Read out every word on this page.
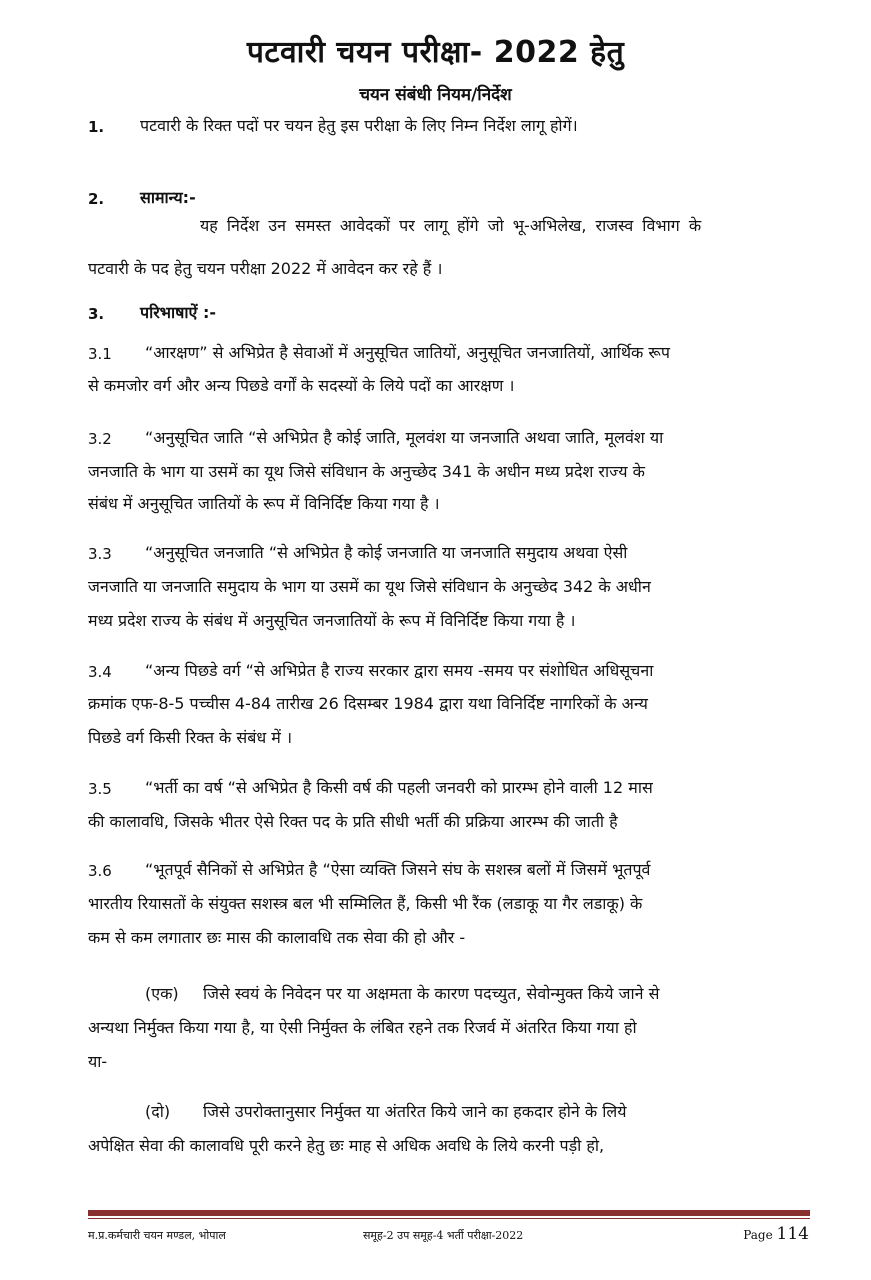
पटवारी चयन परीक्षा- 2022 हेतु
चयन संबंधी नियम/निर्देश
1. पटवारी के रिक्त पदों पर चयन हेतु इस परीक्षा के लिए निम्न निर्देश लागू होगें।
2. सामान्य:-
यह निर्देश उन समस्त आवेदकों पर लागू होंगे जो भू-अभिलेख, राजस्व विभाग के
पटवारी के पद हेतु चयन परीक्षा 2022 में आवेदन कर रहे हैं ।
3. परिभाषाऐं :-
3.1 “आरक्षण” से अभिप्रेत है सेवाओं में अनुसूचित जातियों, अनुसूचित जनजातियों, आर्थिक रूप
से कमजोर वर्ग और अन्य पिछडे वर्गों के सदस्यों के लिये पदों का आरक्षण ।
3.2 “अनुसूचित जाति “से अभिप्रेत है कोई जाति, मूलवंश या जनजाति अथवा जाति, मूलवंश या
जनजाति के भाग या उसमें का यूथ जिसे संविधान के अनुच्छेद 341 के अधीन मध्य प्रदेश राज्य के
संबंध में अनुसूचित जातियों के रूप में विनिर्दिष्ट किया गया है ।
3.3 “अनुसूचित जनजाति “से अभिप्रेत है कोई जनजाति या जनजाति समुदाय अथवा ऐसी
जनजाति या जनजाति समुदाय के भाग या उसमें का यूथ जिसे संविधान के अनुच्छेद 342 के अधीन
मध्य प्रदेश राज्य के संबंध में अनुसूचित जनजातियों के रूप में विनिर्दिष्ट किया गया है ।
3.4 “अन्य पिछडे वर्ग “से अभिप्रेत है राज्य सरकार द्वारा समय -समय पर संशोधित अधिसूचना
क्रमांक एफ-8-5 पच्चीस 4-84 तारीख 26 दिसम्बर 1984 द्वारा यथा विनिर्दिष्ट नागरिकों के अन्य
पिछडे वर्ग किसी रिक्त के संबंध में ।
3.5 “भर्ती का वर्ष “से अभिप्रेत है किसी वर्ष की पहली जनवरी को प्रारम्भ होने वाली 12 मास
की कालावधि, जिसके भीतर ऐसे रिक्त पद के प्रति सीधी भर्ती की प्रक्रिया आरम्भ की जाती है
3.6 “भूतपूर्व सैनिकों से अभिप्रेत है “ऐसा व्यक्ति जिसने संघ के सशस्त्र बलों में जिसमें भूतपूर्व
भारतीय रियासतों के संयुक्त सशस्त्र बल भी सम्मिलित हैं, किसी भी रैंक (लडाकू या गैर लडाकू) के
कम से कम लगातार छः मास की कालावधि तक सेवा की हो और -
(एक) जिसे स्वयं के निवेदन पर या अक्षमता के कारण पदच्युत, सेवोन्मुक्त किये जाने से
अन्यथा निर्मुक्त किया गया है, या ऐसी निर्मुक्त के लंबित रहने तक रिजर्व में अंतरित किया गया हो
या-
(दो) जिसे उपरोक्तानुसार निर्मुक्त या अंतरित किये जाने का हकदार होने के लिये
अपेक्षित सेवा की कालावधि पूरी करने हेतु छः माह से अधिक अवधि के लिये करनी पड़ी हो,
म.प्र.कर्मचारी चयन मण्डल, भोपाल	समूह-2 उप समूह-4 भर्ती परीक्षा-2022	Page 114
